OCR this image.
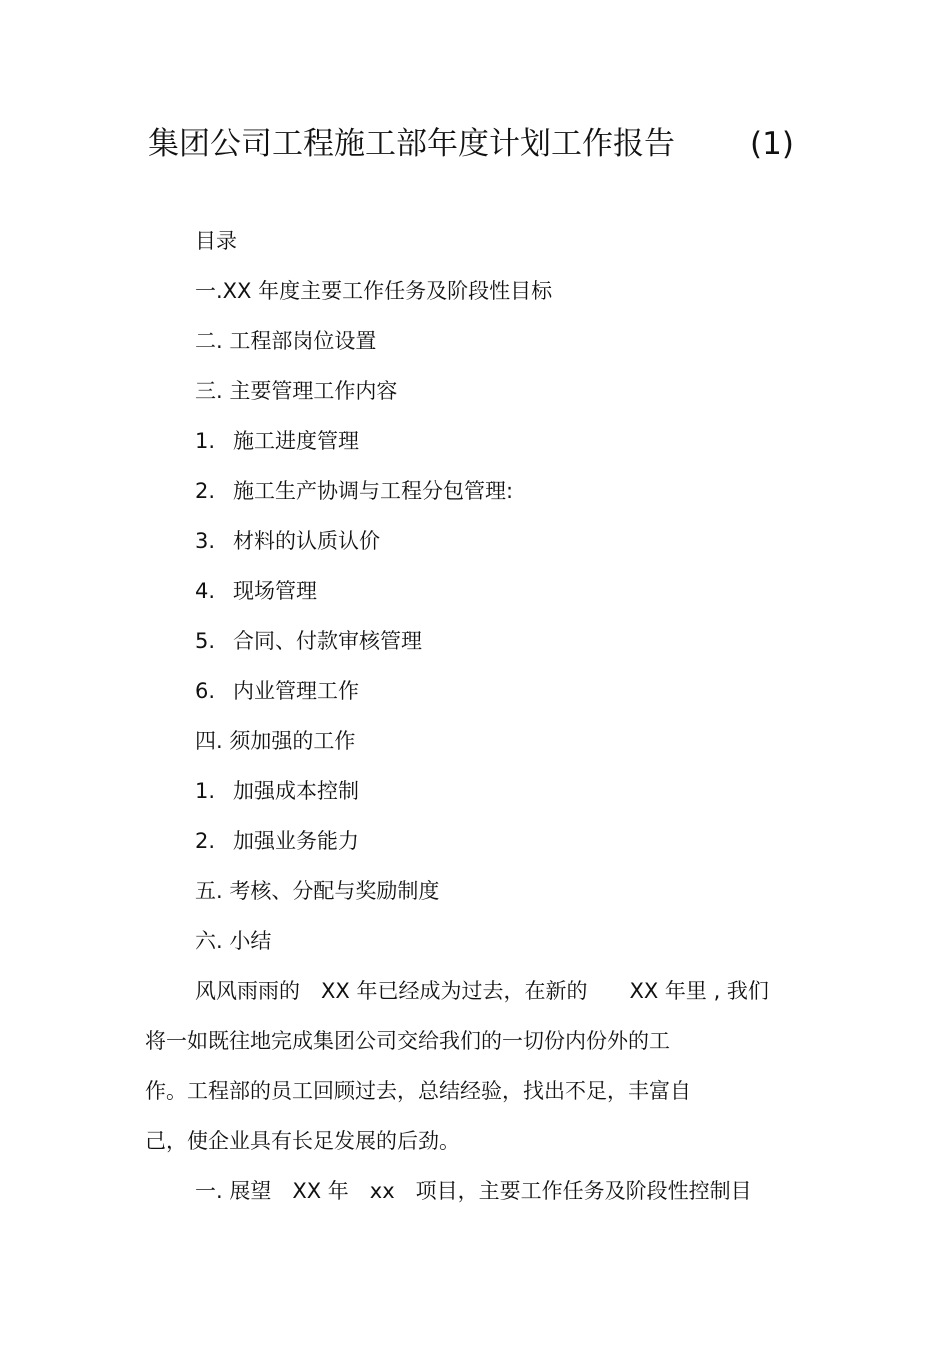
集团公司工程施工部年度计划工作报告 (1)
目录
一.XX 年度主要工作任务及阶段性目标
二. 工程部岗位设置
三. 主要管理工作内容
1. 施工进度管理
2. 施工生产协调与工程分包管理:
3. 材料的认质认价
4. 现场管理
5. 合同、付款审核管理
6. 内业管理工作
四. 须加强的工作
1. 加强成本控制
2. 加强业务能力
五. 考核、分配与奖励制度
六. 小结
风风雨雨的　XX 年已经成为过去，在新的　　XX 年里 , 我们
将一如既往地完成集团公司交给我们的一切份内份外的工
作。工程部的员工回顾过去，总结经验，找出不足，丰富自
己，使企业具有长足发展的后劲。
一. 展望　XX 年　xx　项目，主要工作任务及阶段性控制目
